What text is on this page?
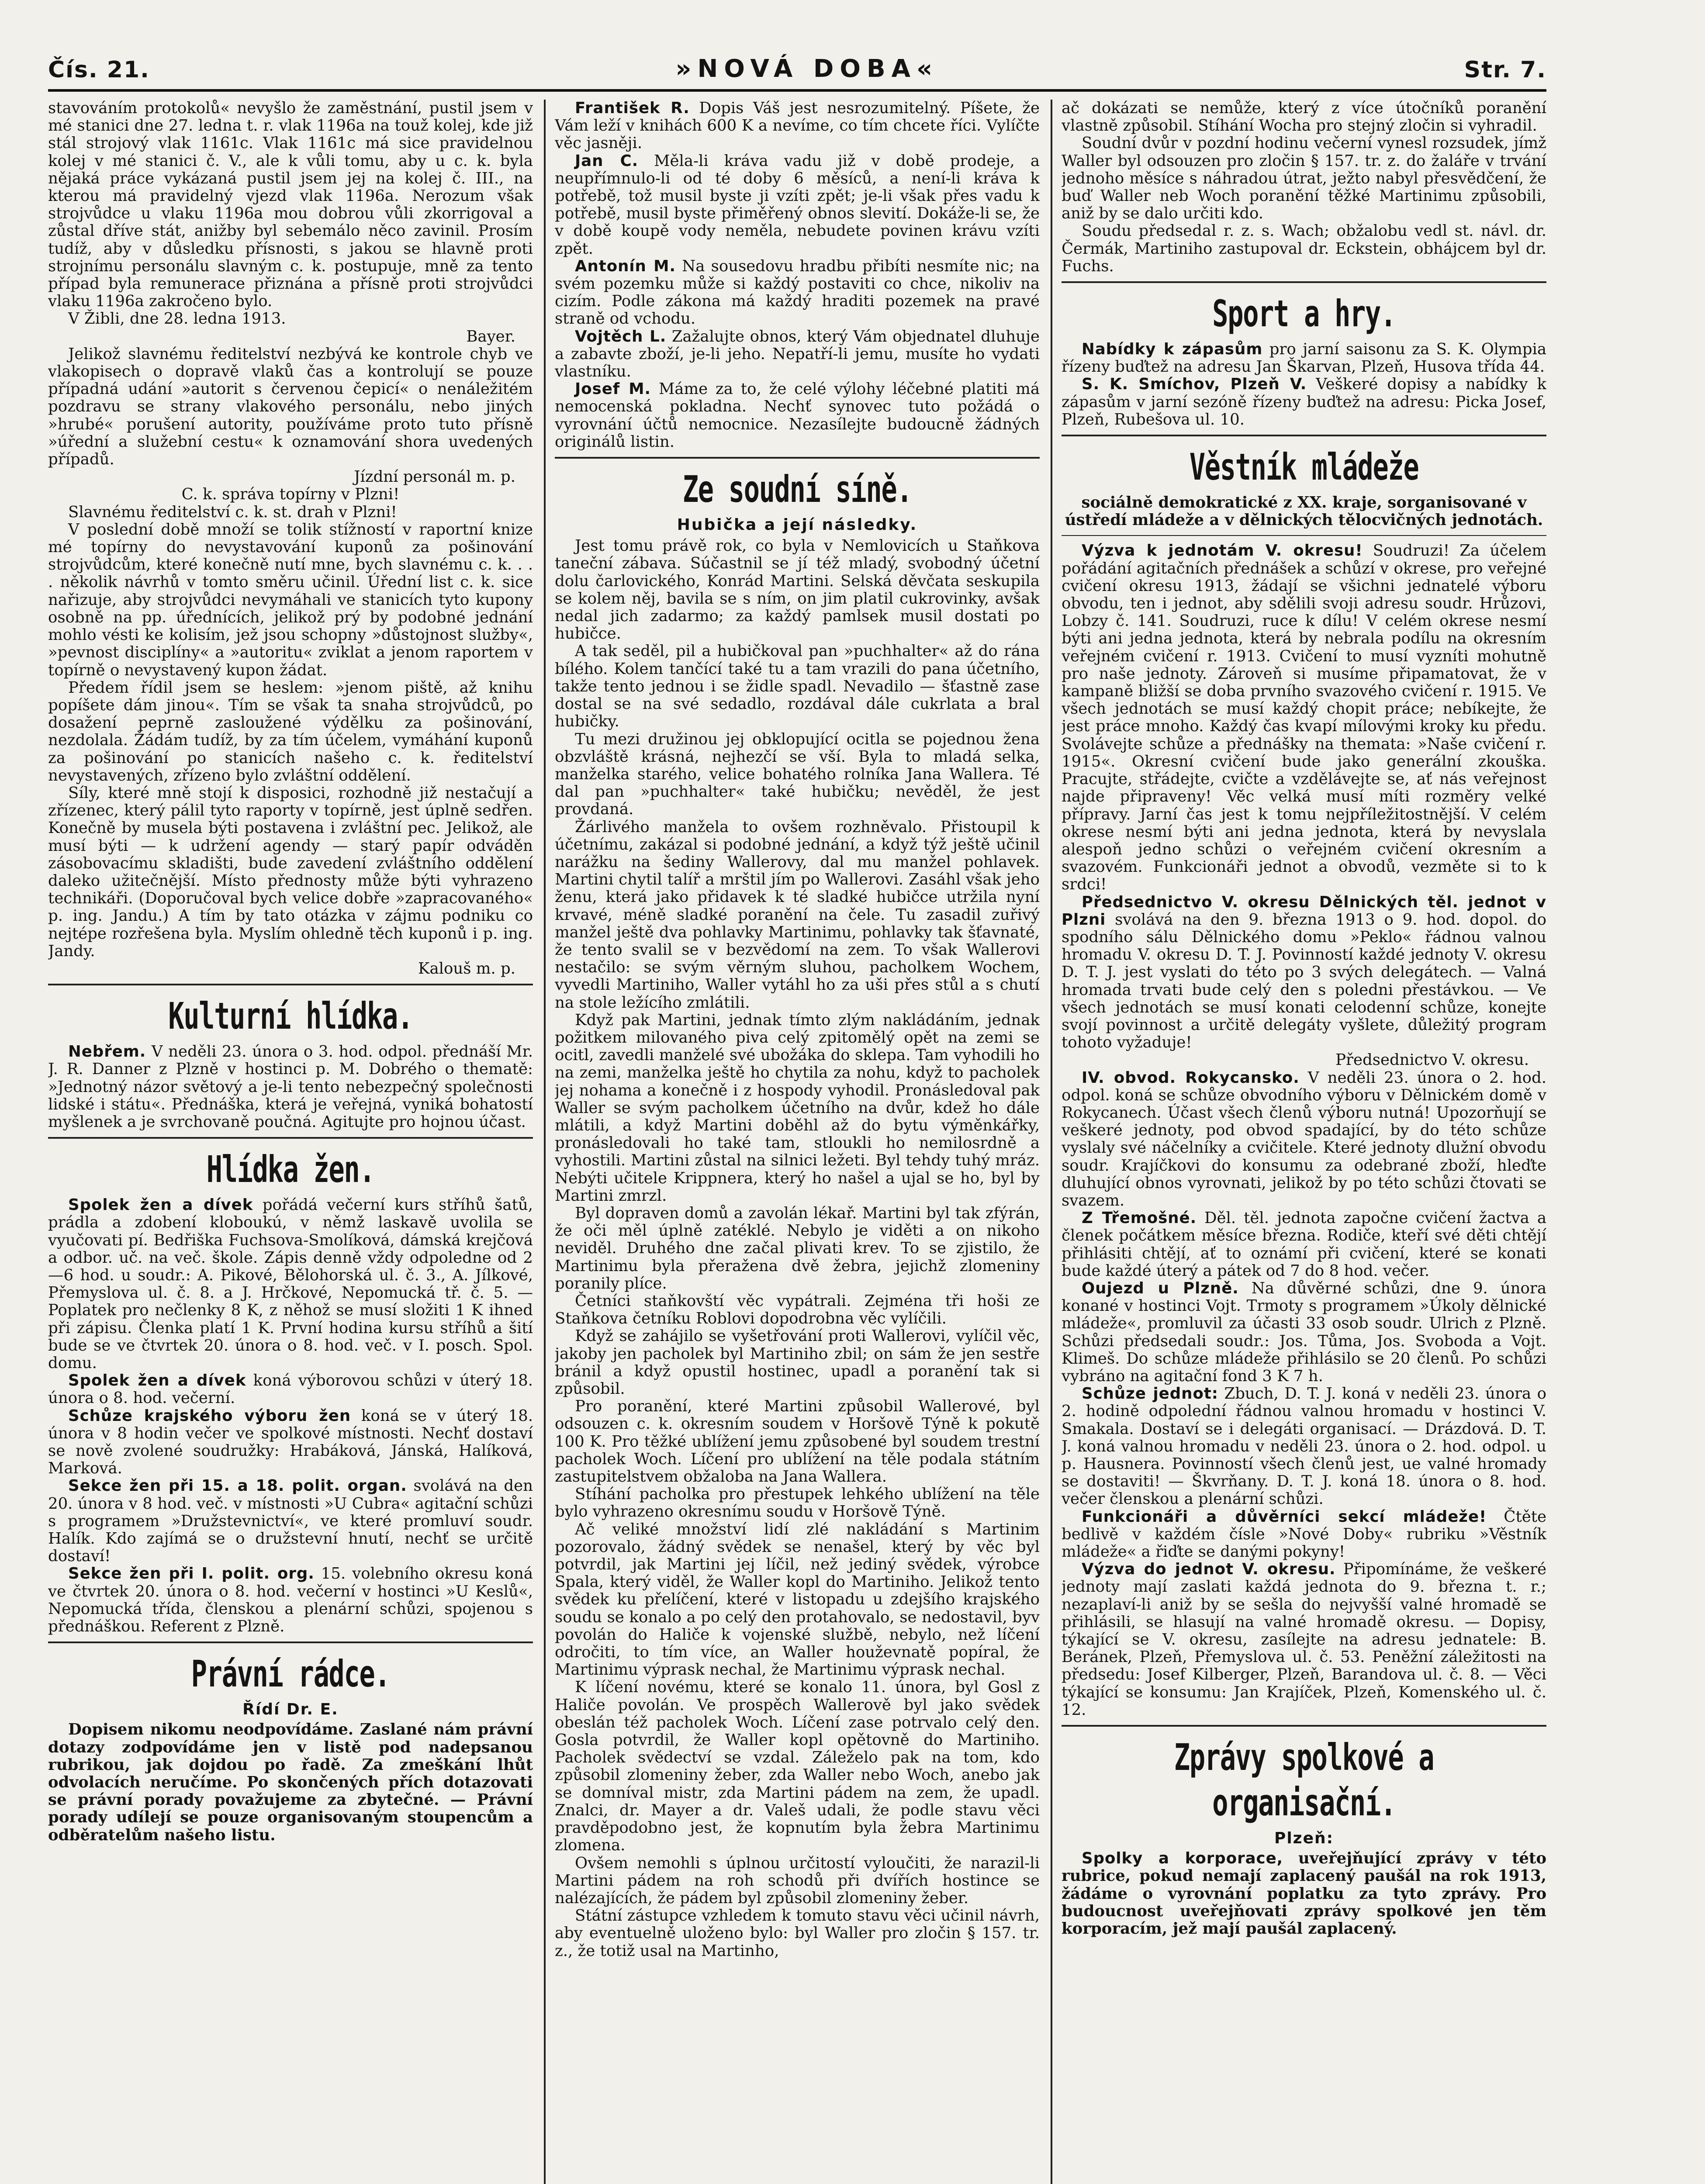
Čís. 21.	»NOVÁ DOBA«	Str. 7.

stavováním protokolů« nevyšlo že zaměstnání, pustil jsem v mé stanici dne 27. ledna t. r. vlak 1196a na touž kolej, kde již stál strojový vlak 1161c. Vlak 1161c má sice pravidelnou kolej v mé stanici č. V., ale k vůli tomu, aby u c. k. byla nějaká práce vykázaná pustil jsem jej na kolej č. III., na kterou má pravidelný vjezd vlak 1196a. Nerozum však strojvůdce u vlaku 1196a mou dobrou vůli zkorrigoval a zůstal dříve stát, anižby byl sebemálo něco zavinil. Prosím tudíž, aby v důsledku přísnosti, s jakou se hlavně proti strojnímu personálu slavným c. k. postupuje, mně za tento případ byla remunerace přiznána a přísně proti strojvůdci vlaku 1196a zakročeno bylo.

V Žibli, dne 28. ledna 1913.

Bayer.

Jelikož slavnému ředitelství nezbývá ke kontrole chyb ve vlakopisech o dopravě vlaků čas a kontrolují se pouze případná udání »autorit s červenou čepicí« o nenáležitém pozdravu se strany vlakového personálu, nebo jiných »hrubé« porušení autority, používáme proto tuto přísně »úřední a služební cestu« k oznamování shora uvedených případů.

Jízdní personál m. p.

C. k. správa topírny v Plzni!

Slavnému ředitelství c. k. st. drah v Plzni!

V poslední době množí se tolik stížností v raportní knize mé topírny do nevystavování kuponů za pošinování strojvůdcům, které konečně nutí mne, bych slavnému c. k. . . . několik návrhů v tomto směru učinil. Úřední list c. k. sice nařizuje, aby strojvůdci nevymáhali ve stanicích tyto kupony osobně na pp. úřednících, jelikož prý by podobné jednání mohlo vésti ke kolisím, jež jsou schopny »důstojnost služby«, »pevnost disciplíny« a »autoritu« zviklat a jenom raportem v topírně o nevystavený kupon žádat.

Předem řídil jsem se heslem: »jenom piště, až knihu popíšete dám jinou«. Tím se však ta snaha strojvůdců, po dosažení peprně zasloužené výdělku za pošinování, nezdolala. Žádám tudíž, by za tím účelem, vymáhání kuponů za pošinování po stanicích našeho c. k. ředitelství nevystavených, zřízeno bylo zvláštní oddělení.

Síly, které mně stojí k disposici, rozhodně již nestačují a zřízenec, který pálil tyto raporty v topírně, jest úplně sedřen. Konečně by musela býti postavena i zvláštní pec. Jelikož, ale musí býti — k udržení agendy — starý papír odváděn zásobovacímu skladišti, bude zavedení zvláštního oddělení daleko užitečnější. Místo přednosty může býti vyhrazeno technikáři. (Doporučoval bych velice dobře »zapracovaného« p. ing. Jandu.) A tím by tato otázka v zájmu podniku co nejtépe rozřešena byla. Myslím ohledně těch kuponů i p. ing. Jandy.

Kalouš m. p.

Kulturní hlídka.

Nebřem. V neděli 23. února o 3. hod. odpol. přednáší Mr. J. R. Danner z Plzně v hostinci p. M. Dobrého o thematě: »Jednotný názor světový a je-li tento nebezpečný společnosti lidské i státu«. Přednáška, která je veřejná, vyniká bohatostí myšlenek a je svrchovaně poučná. Agitujte pro hojnou účast.

Hlídka žen.

Spolek žen a dívek pořádá večerní kurs stříhů šatů, prádla a zdobení kloboukú, v němž laskavě uvolila se vyučovati pí. Bedřiška Fuchsova-Smolíková, dámská krejčová a odbor. uč. na več. škole. Zápis denně vždy odpoledne od 2—6 hod. u soudr.: A. Pikové, Bělohorská ul. č. 3., A. Jílkové, Přemyslova ul. č. 8. a J. Hrčkové, Nepomucká tř. č. 5. — Poplatek pro nečlenky 8 K, z něhož se musí složiti 1 K ihned při zápisu. Členka platí 1 K. První hodina kursu stříhů a šití bude se ve čtvrtek 20. února o 8. hod. več. v I. posch. Spol. domu.

Spolek žen a dívek koná výborovou schůzi v úterý 18. února o 8. hod. večerní.

Schůze krajského výboru žen koná se v úterý 18. února v 8 hodin večer ve spolkové místnosti. Nechť dostaví se nově zvolené soudružky: Hrabáková, Jánská, Halíková, Marková.

Sekce žen při 15. a 18. polit. organ. svolává na den 20. února v 8 hod. več. v místnosti »U Cubra« agitační schůzi s programem »Družstevnictví«, ve které promluví soudr. Halík. Kdo zajímá se o družstevní hnutí, nechť se určitě dostaví!

Sekce žen při I. polit. org. 15. volebního okresu koná ve čtvrtek 20. února o 8. hod. večerní v hostinci »U Keslů«, Nepomucká třída, členskou a plenární schůzi, spojenou s přednáškou. Referent z Plzně.

Právní rádce.
Řídí Dr. E.

Dopisem nikomu neodpovídáme. Zaslané nám právní dotazy zodpovídáme jen v listě pod nadepsanou rubrikou, jak dojdou po řadě. Za zmeškání lhůt odvolacích neručíme. Po skončených přích dotazovati se právní porady považujeme za zbytečné. — Právní porady udílejí se pouze organisovaným stoupencům a odběratelům našeho listu.

František R. Dopis Váš jest nesrozumitelný. Píšete, že Vám leží v knihách 600 K a nevíme, co tím chcete říci. Vylíčte věc jasněji.

Jan C. Měla-li kráva vadu již v době prodeje, a neupřímnulo-li od té doby 6 měsíců, a není-li kráva k potřebě, tož musil byste ji vzíti zpět; je-li však přes vadu k potřebě, musil byste přiměřený obnos slevití. Dokáže-li se, že v době koupě vody neměla, nebudete povinen krávu vzíti zpět.

Antonín M. Na sousedovu hradbu přibíti nesmíte nic; na svém pozemku může si každý postaviti co chce, nikoliv na cizím. Podle zákona má každý hraditi pozemek na pravé straně od vchodu.

Vojtěch L. Zažalujte obnos, který Vám objednatel dluhuje a zabavte zboží, je-li jeho. Nepatří-li jemu, musíte ho vydati vlastníku.

Josef M. Máme za to, že celé výlohy léčebné platiti má nemocenská pokladna. Nechť synovec tuto požádá o vyrovnání účtů nemocnice. Nezasílejte budoucně žádných originálů listin.

Ze soudní síně.
Hubička a její následky.

Jest tomu právě rok, co byla v Nemlovicích u Staňkova taneční zábava. Súčastnil se jí též mladý, svobodný účetní dolu čarlovického, Konrád Martini. Selská děvčata seskupila se kolem něj, bavila se s ním, on jim platil cukrovinky, avšak nedal jich zadarmo; za každý pamlsek musil dostati po hubičce.

A tak seděl, pil a hubičkoval pan »puchhalter« až do rána bílého. Kolem tančící také tu a tam vrazili do pana účetního, takže tento jednou i se židle spadl. Nevadilo — šťastně zase dostal se na své sedadlo, rozdával dále cukrlata a bral hubičky.

Tu mezi družinou jej obklopující ocitla se pojednou žena obzvláště krásná, nejhezčí se vší. Byla to mladá selka, manželka starého, velice bohatého rolníka Jana Wallera. Té dal pan »puchhalter« také hubičku; nevěděl, že jest provdaná.

Žárlivého manžela to ovšem rozhněvalo. Přistoupil k účetnímu, zakázal si podobné jednání, a když týž ještě učinil narážku na šediny Wallerovy, dal mu manžel pohlavek. Martini chytil talíř a mrštil jím po Wallerovi. Zasáhl však jeho ženu, která jako přidavek k té sladké hubičce utržila nyní krvavé, méně sladké poranění na čele. Tu zasadil zuřivý manžel ještě dva pohlavky Martinimu, pohlavky tak šťavnaté, že tento svalil se v bezvědomí na zem. To však Wallerovi nestačilo: se svým věrným sluhou, pacholkem Wochem, vyvedli Martiniho, Waller vytáhl ho za uši přes stůl a s chutí na stole ležícího zmlátili.

Když pak Martini, jednak tímto zlým nakládáním, jednak požitkem milovaného piva celý zpitomělý opět na zemi se ocitl, zavedli manželé své ubožáka do sklepa. Tam vyhodili ho na zemi, manželka ještě ho chytila za nohu, když to pacholek jej nohama a konečně i z hospody vyhodil. Pronásledoval pak Waller se svým pacholkem účetního na dvůr, kdež ho dále mlátili, a když Martini doběhl až do bytu výměnkářky, pronásledovali ho také tam, stloukli ho nemilosrdně a vyhostili. Martini zůstal na silnici ležeti. Byl tehdy tuhý mráz. Nebýti učitele Krippnera, který ho našel a ujal se ho, byl by Martini zmrzl.

Byl dopraven domů a zavolán lékař. Martini byl tak zfýrán, že oči měl úplně zatéklé. Nebylo je viděti a on nikoho neviděl. Druhého dne začal plivati krev. To se zjistilo, že Martinimu byla přeražena dvě žebra, jejichž zlomeniny poranily plíce.

Četníci staňkovští věc vypátrali. Zejména tři hoši ze Staňkova četníku Roblovi dopodrobna věc vylíčili.

Když se zahájilo se vyšetřování proti Wallerovi, vylíčil věc, jakoby jen pacholek byl Martiniho zbil; on sám že jen sestře bránil a když opustil hostinec, upadl a poranění tak si způsobil.

Pro poranění, které Martini způsobil Wallerové, byl odsouzen c. k. okresním soudem v Horšově Týně k pokutě 100 K. Pro těžké ublížení jemu způsobené byl soudem trestní pacholek Woch. Líčení pro ublížení na těle podala státním zastupitelstvem obžaloba na Jana Wallera.

Stíhání pacholka pro přestupek lehkého ublížení na těle bylo vyhrazeno okresnímu soudu v Horšově Týně.

Ač veliké množství lidí zlé nakládání s Martinim pozorovalo, žádný svědek se nenašel, který by věc byl potvrdil, jak Martini jej líčil, než jediný svědek, výrobce Spala, který viděl, že Waller kopl do Martiniho. Jelikož tento svědek ku přelíčení, které v listopadu u zdejšího krajského soudu se konalo a po celý den protahovalo, se nedostavil, byv povolán do Haliče k vojenské službě, nebylo, než líčení odročiti, to tím více, an Waller houževnatě popíral, že Martinimu výprask nechal, že Martinimu výprask nechal.

K líčení novému, které se konalo 11. února, byl Gosl z Haliče povolán. Ve prospěch Wallerově byl jako svědek obeslán též pacholek Woch. Líčení zase potrvalo celý den. Gosla potvrdil, že Waller kopl opětovně do Martiniho. Pacholek svědectví se vzdal. Záleželo pak na tom, kdo způsobil zlomeniny žeber, zda Waller nebo Woch, anebo jak se domníval mistr, zda Martini pádem na zem, že upadl. Znalci, dr. Mayer a dr. Valeš udali, že podle stavu věci pravděpodobno jest, že kopnutím byla žebra Martinimu zlomena.

Ovšem nemohli s úplnou určitostí vyloučiti, že narazil-li Martini pádem na roh schodů při dvířích hostince se nalézajících, že pádem byl způsobil zlomeniny žeber.

Státní zástupce vzhledem k tomuto stavu věci učinil návrh, aby eventuelně uloženo bylo: byl Waller pro zločin § 157. tr. z., že totiž usal na Martinho,

ač dokázati se nemůže, který z více útočníků poranění vlastně způsobil. Stíhání Wocha pro stejný zločin si vyhradil.

Soudní dvůr v pozdní hodinu večerní vynesl rozsudek, jímž Waller byl odsouzen pro zločin § 157. tr. z. do žaláře v trvání jednoho měsíce s náhradou útrat, ježto nabyl přesvědčení, že buď Waller neb Woch poranění těžké Martinimu způsobili, aniž by se dalo určiti kdo.

Soudu předsedal r. z. s. Wach; obžalobu vedl st. návl. dr. Čermák, Martiniho zastupoval dr. Eckstein, obhájcem byl dr. Fuchs.

Sport a hry.

Nabídky k zápasům pro jarní saisonu za S. K. Olympia řízeny buďtež na adresu Jan Škarvan, Plzeň, Husova třída 44.

S. K. Smíchov, Plzeň V. Veškeré dopisy a nabídky k zápasům v jarní sezóně řízeny buďtež na adresu: Picka Josef, Plzeň, Rubešova ul. 10.

Věstník mládeže

sociálně demokratické z XX. kraje, sorganisované v ústředí mládeže a v dělnických tělocvičných jednotách.

Výzva k jednotám V. okresu! Soudruzi! Za účelem pořádání agitačních přednášek a schůzí v okrese, pro veřejné cvičení okresu 1913, žádají se všichni jednatelé výboru obvodu, ten i jednot, aby sdělili svoji adresu soudr. Hrůzovi, Lobzy č. 141. Soudruzi, ruce k dílu! V celém okrese nesmí býti ani jedna jednota, která by nebrala podílu na okresním veřejném cvičení r. 1913. Cvičení to musí vyzníti mohutně pro naše jednoty. Zároveň si musíme připamatovat, že v kampaně bližší se doba prvního svazového cvičení r. 1915. Ve všech jednotách se musí každý chopit práce; nebíkejte, že jest práce mnoho. Každý čas kvapí mílovými kroky ku předu. Svolávejte schůze a přednášky na themata: »Naše cvičení r. 1915«. Okresní cvičení bude jako generální zkouška. Pracujte, střádejte, cvičte a vzdělávejte se, ať nás veřejnost najde připraveny! Věc velká musí míti rozměry velké přípravy. Jarní čas jest k tomu nejpříležitostnější. V celém okrese nesmí býti ani jedna jednota, která by nevyslala alespoň jedno schůzi o veřejném cvičení okresním a svazovém. Funkcionáři jednot a obvodů, vezměte si to k srdci!

Předsednictvo V. okresu Dělnických těl. jednot v Plzni svolává na den 9. března 1913 o 9. hod. dopol. do spodního sálu Dělnického domu »Peklo« řádnou valnou hromadu V. okresu D. T. J. Povinností každé jednoty V. okresu D. T. J. jest vyslati do této po 3 svých delegátech. — Valná hromada trvati bude celý den s poledni přestávkou. — Ve všech jednotách se musí konati celodenní schůze, konejte svojí povinnost a určitě delegáty vyšlete, důležitý program tohoto vyžaduje!

Předsednictvo V. okresu.

IV. obvod. Rokycansko. V neděli 23. února o 2. hod. odpol. koná se schůze obvodního výboru v Dělnickém domě v Rokycanech. Účast všech členů výboru nutná! Upozorňují se veškeré jednoty, pod obvod spadající, by do této schůze vyslaly své náčelníky a cvičitele. Které jednoty dlužní obvodu soudr. Krajíčkovi do konsumu za odebrané zboží, hleďte dluhující obnos vyrovnati, jelikož by po této schůzi čtovati se svazem.

Z Třemošné. Děl. těl. jednota započne cvičení žactva a členek počátkem měsíce března. Rodiče, kteří své děti chtějí přihlásiti chtějí, ať to oznámí při cvičení, které se konati bude každé úterý a pátek od 7 do 8 hod. večer.

Oujezd u Plzně. Na důvěrné schůzi, dne 9. února konané v hostinci Vojt. Trmoty s programem »Úkoly dělnické mládeže«, promluvil za účasti 33 osob soudr. Ulrich z Plzně. Schůzi předsedali soudr.: Jos. Tůma, Jos. Svoboda a Vojt. Klimeš. Do schůze mládeže přihlásilo se 20 členů. Po schůzi vybráno na agitační fond 3 K 7 h.

Schůze jednot: Zbuch, D. T. J. koná v neděli 23. února o 2. hodině odpolední řádnou valnou hromadu v hostinci V. Smakala. Dostaví se i delegáti organisací. — Drázdová. D. T. J. koná valnou hromadu v neděli 23. února o 2. hod. odpol. u p. Hausnera. Povinností všech členů jest, ue valné hromady se dostaviti! — Škvrňany. D. T. J. koná 18. února o 8. hod. večer členskou a plenární schůzi.

Funkcionáři a důvěrníci sekcí mládeže! Čtěte bedlivě v každém čísle »Nové Doby« rubriku »Věstník mládeže« a řiďte se danými pokyny!

Výzva do jednot V. okresu. Připomínáme, že veškeré jednoty mají zaslati každá jednota do 9. března t. r.; nezaplaví-li aniž by se sešla do nejvyšší valné hromadě se přihlásili, se hlasují na valné hromadě okresu. — Dopisy, týkající se V. okresu, zasílejte na adresu jednatele: B. Beránek, Plzeň, Přemyslova ul. č. 53. Peněžní záležitosti na předsedu: Josef Kilberger, Plzeň, Barandova ul. č. 8. — Věci týkající se konsumu: Jan Krajíček, Plzeň, Komenského ul. č. 12.

Zprávy spolkové a organisační.
Plzeň:

Spolky a korporace, uveřejňující zprávy v této rubrice, pokud nemají zaplacený paušál na rok 1913, žádáme o vyrovnání poplatku za tyto zprávy. Pro budoucnost uveřejňovati zprávy spolkové jen těm korporacím, jež mají paušál zaplacený.
